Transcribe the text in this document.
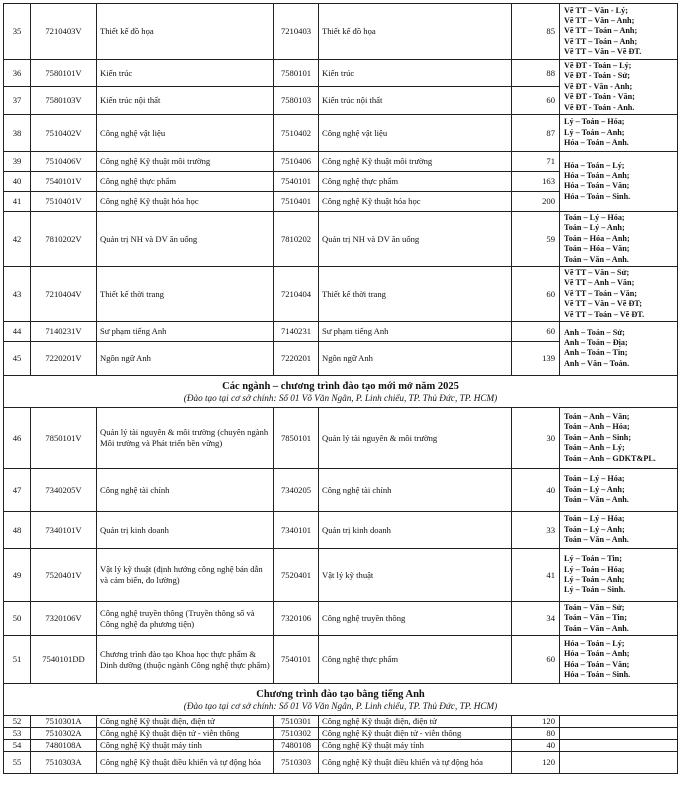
35	7210403V	Thiết kế đồ họa	7210403	Thiết kế đồ họa	85	Vẽ TT – Văn - Lý;
Vẽ TT – Văn – Anh;
Vẽ TT – Toán – Anh;
Vẽ TT – Toán – Anh;
Vẽ TT – Văn – Vẽ ĐT.

36	7580101V	Kiến trúc	7580101	Kiến trúc	88	Vẽ ĐT - Toán – Lý;
Vẽ ĐT - Toán - Sử;
Vẽ ĐT - Văn - Anh;
Vẽ ĐT - Toán - Văn;
Vẽ ĐT - Toán - Anh.

37	7580103V	Kiến trúc nội thất	7580103	Kiến trúc nội thất	60	
38	7510402V	Công nghệ vật liệu	7510402	Công nghệ vật liệu	87	Lý – Toán – Hóa;
Lý – Toán – Anh;
Hóa – Toán – Anh.

39	7510406V	Công nghệ Kỹ thuật môi trường	7510406	Công nghệ Kỹ thuật môi trường	71	Hóa – Toán – Lý;
Hóa – Toán – Anh;
Hóa – Toán – Văn;
Hóa – Toán – Sinh.

40	7540101V	Công nghệ thực phẩm	7540101	Công nghệ thực phẩm	163	
41	7510401V	Công nghệ Kỹ thuật hóa học	7510401	Công nghệ Kỹ thuật hóa học	200	
42	7810202V	Quản trị NH và DV ăn uống	7810202	Quản trị NH và DV ăn uống	59	Toán – Lý – Hóa;
Toán – Lý – Anh;
Toán – Hóa – Anh;
Toán – Hóa – Văn;
Toán – Văn – Anh.

43	7210404V	Thiết kế thời trang	7210404	Thiết kế thời trang	60	Vẽ TT – Văn – Sử;
Vẽ TT – Anh – Văn;
Vẽ TT – Toán – Văn;
Vẽ TT – Văn – Vẽ ĐT;
Vẽ TT – Toán – Vẽ ĐT.

44	7140231V	Sư phạm tiếng Anh	7140231	Sư phạm tiếng Anh	60	Anh – Toán – Sử;
Anh – Toán – Địa;
Anh – Toán – Tin;
Anh – Văn – Toán.

45	7220201V	Ngôn ngữ Anh	7220201	Ngôn ngữ Anh	139	

Các ngành – chương trình đào tạo mới mở năm 2025
(Đào tạo tại cơ sở chính: Số 01 Võ Văn Ngân, P. Linh chiểu, TP. Thủ Đức, TP. HCM)						

46	7850101V	Quản lý tài nguyên & môi trường (chuyên ngành Môi trường và Phát triển bền vững)	7850101	Quản lý tài nguyên & môi trường	30	Toán – Anh – Văn;
Toán – Anh – Hóa;
Toán – Anh – Sinh;
Toán – Anh – Lý;
Toán – Anh – GDKT&PL.

47	7340205V	Công nghệ tài chính	7340205	Công nghệ tài chính	40	Toán – Lý – Hóa;
Toán – Lý – Anh;
Toán – Văn – Anh.

48	7340101V	Quản trị kinh doanh	7340101	Quản trị kinh doanh	33	Toán – Lý – Hóa;
Toán – Lý – Anh;
Toán – Văn – Anh.

49	7520401V	Vật lý kỹ thuật (định hướng công nghệ bán dẫn và cảm biến, đo lường)	7520401	Vật lý kỹ thuật	41	Lý – Toán – Tin;
Lý – Toán – Hóa;
Lý – Toán – Anh;
Lý – Toán – Sinh.

50	7320106V	Công nghệ truyền thông (Truyền thông số và Công nghệ đa phương tiện)	7320106	Công nghệ truyền thông	34	Toán – Văn – Sử;
Toán – Văn – Tin;
Toán – Văn – Anh.

51	7540101DD	Chương trình đào tạo Khoa học thực phẩm & Dinh dưỡng (thuộc ngành Công nghệ thực phẩm)	7540101	Công nghệ thực phẩm	60	Hóa – Toán – Lý;
Hóa – Toán – Anh;
Hóa – Toán – Văn;
Hóa – Toán – Sinh.

Chương trình đào tạo bằng tiếng Anh
(Đào tạo tại cơ sở chính: Số 01 Võ Văn Ngân, P. Linh chiểu, TP. Thủ Đức, TP. HCM)						

52	7510301A	Công nghệ Kỹ thuật điện, điện tử	7510301	Công nghệ Kỹ thuật điện, điện tử	120	
53	7510302A	Công nghệ Kỹ thuật điện tử - viễn thông	7510302	Công nghệ Kỹ thuật điện tử - viễn thông	80	
54	7480108A	Công nghệ Kỹ thuật máy tính	7480108	Công nghệ Kỹ thuật máy tính	40	
55	7510303A	Công nghệ Kỹ thuật điều khiển và tự động hóa	7510303	Công nghệ Kỹ thuật điều khiển và tự động hóa	120	
